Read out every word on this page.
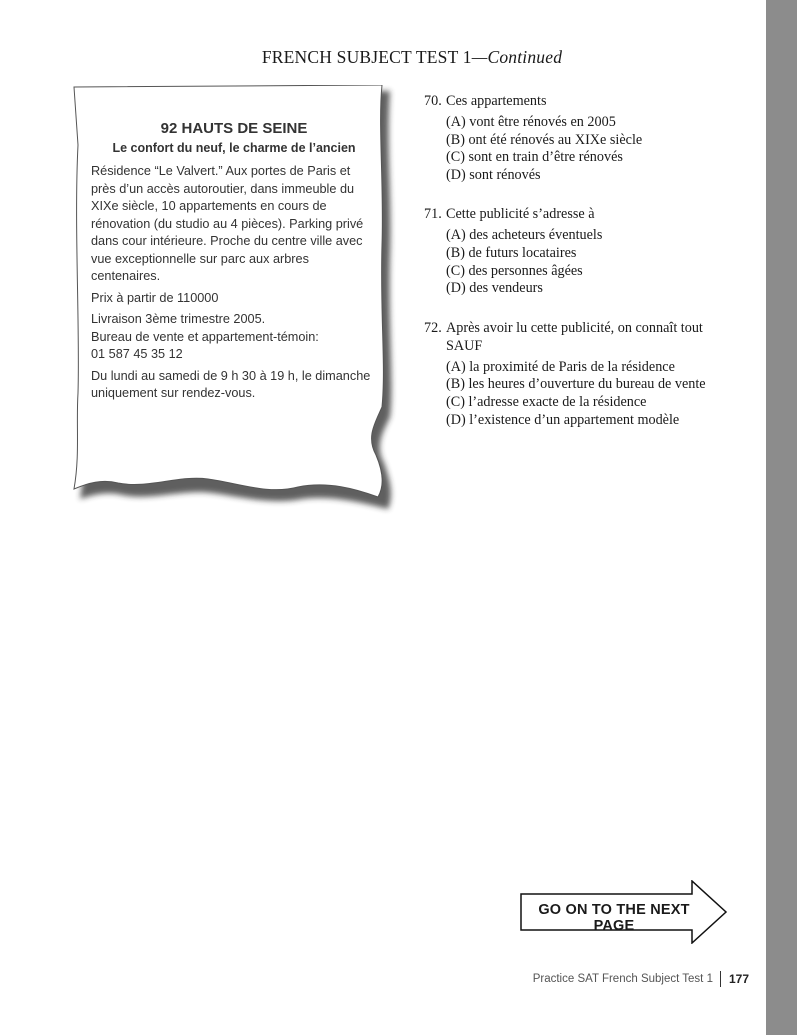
FRENCH SUBJECT TEST 1—Continued
92 HAUTS DE SEINE
Le confort du neuf, le charme de l’ancien
Résidence “Le Valvert.” Aux portes de Paris et près d’un accès autoroutier, dans immeuble du XIXe siècle, 10 appartements en cours de rénovation (du studio au 4 pièces). Parking privé dans cour intérieure. Proche du centre ville avec vue exceptionnelle sur parc aux arbres centenaires.
Prix à partir de 110000
Livraison 3ème trimestre 2005.
Bureau de vente et appartement-témoin:
01 587 45 35 12
Du lundi au samedi de 9 h 30 à 19 h, le dimanche uniquement sur rendez-vous.
70. Ces appartements
(A) vont être rénovés en 2005
(B) ont été rénovés au XIXe siècle
(C) sont en train d’être rénovés
(D) sont rénovés
71. Cette publicité s’adresse à
(A) des acheteurs éventuels
(B) de futurs locataires
(C) des personnes âgées
(D) des vendeurs
72. Après avoir lu cette publicité, on connaît tout SAUF
(A) la proximité de Paris de la résidence
(B) les heures d’ouverture du bureau de vente
(C) l’adresse exacte de la résidence
(D) l’existence d’un appartement modèle
GO ON TO THE NEXT PAGE
Practice SAT French Subject Test 1 177
